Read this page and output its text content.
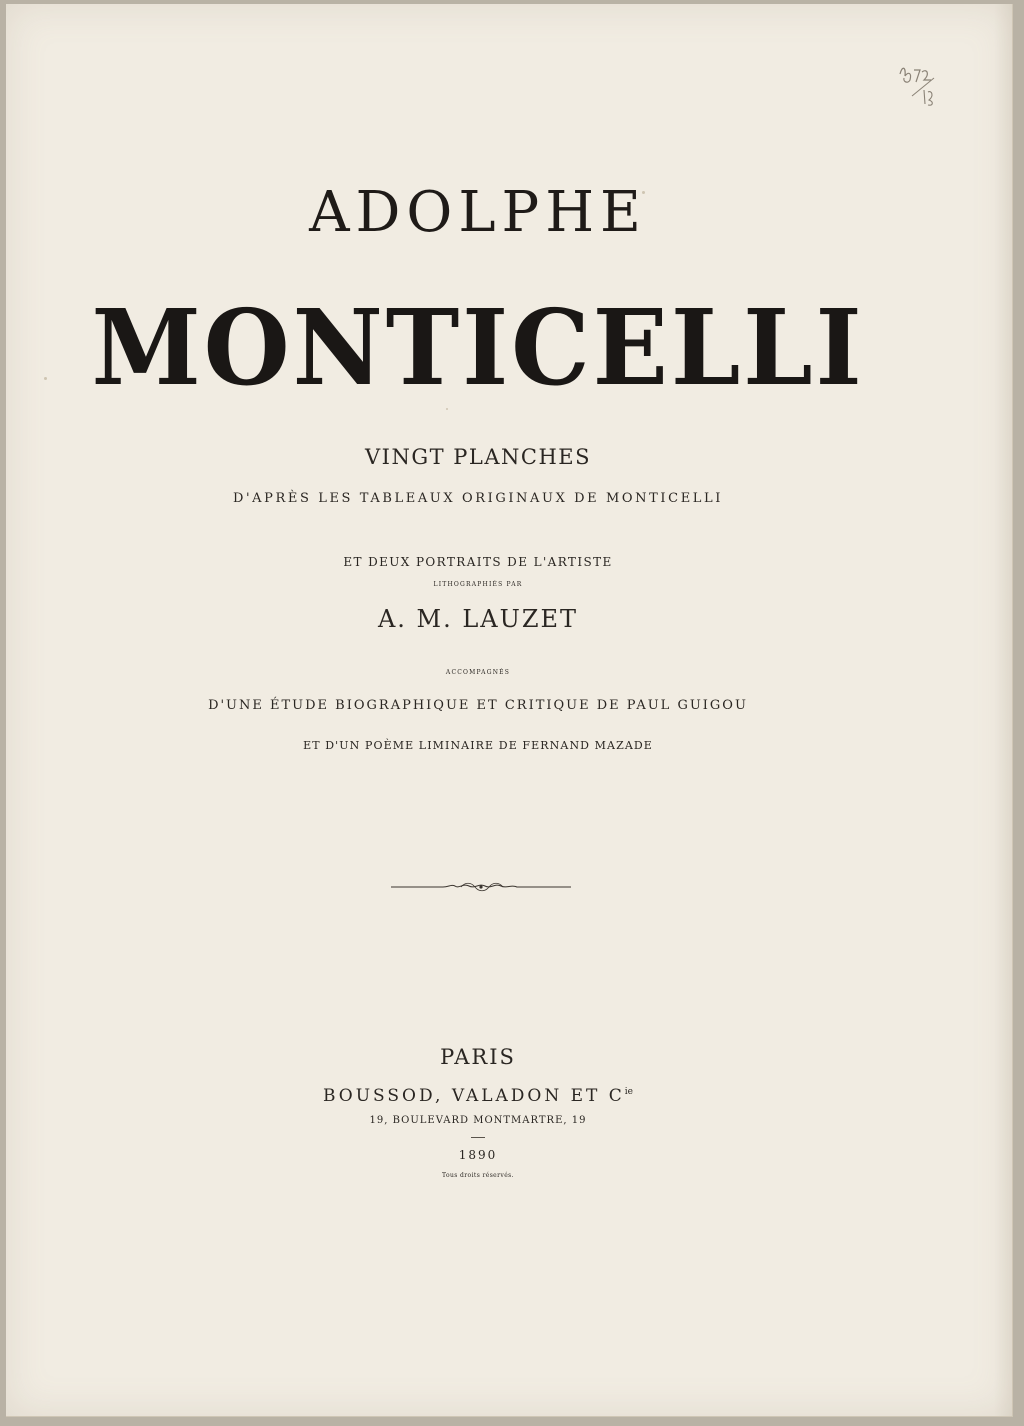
ADOLPHE
MONTICELLI
VINGT PLANCHES
D'APRÈS LES TABLEAUX ORIGINAUX DE MONTICELLI
ET DEUX PORTRAITS DE L'ARTISTE
LITHOGRAPHIÉS PAR
A. M. LAUZET
ACCOMPAGNÉS
D'UNE ÉTUDE BIOGRAPHIQUE ET CRITIQUE DE PAUL GUIGOU
ET D'UN POÈME LIMINAIRE DE FERNAND MAZADE
PARIS
BOUSSOD, VALADON ET $C^{ie}$
19, BOULEVARD MONTMARTRE, 19
1890
Tous droits réservés.
